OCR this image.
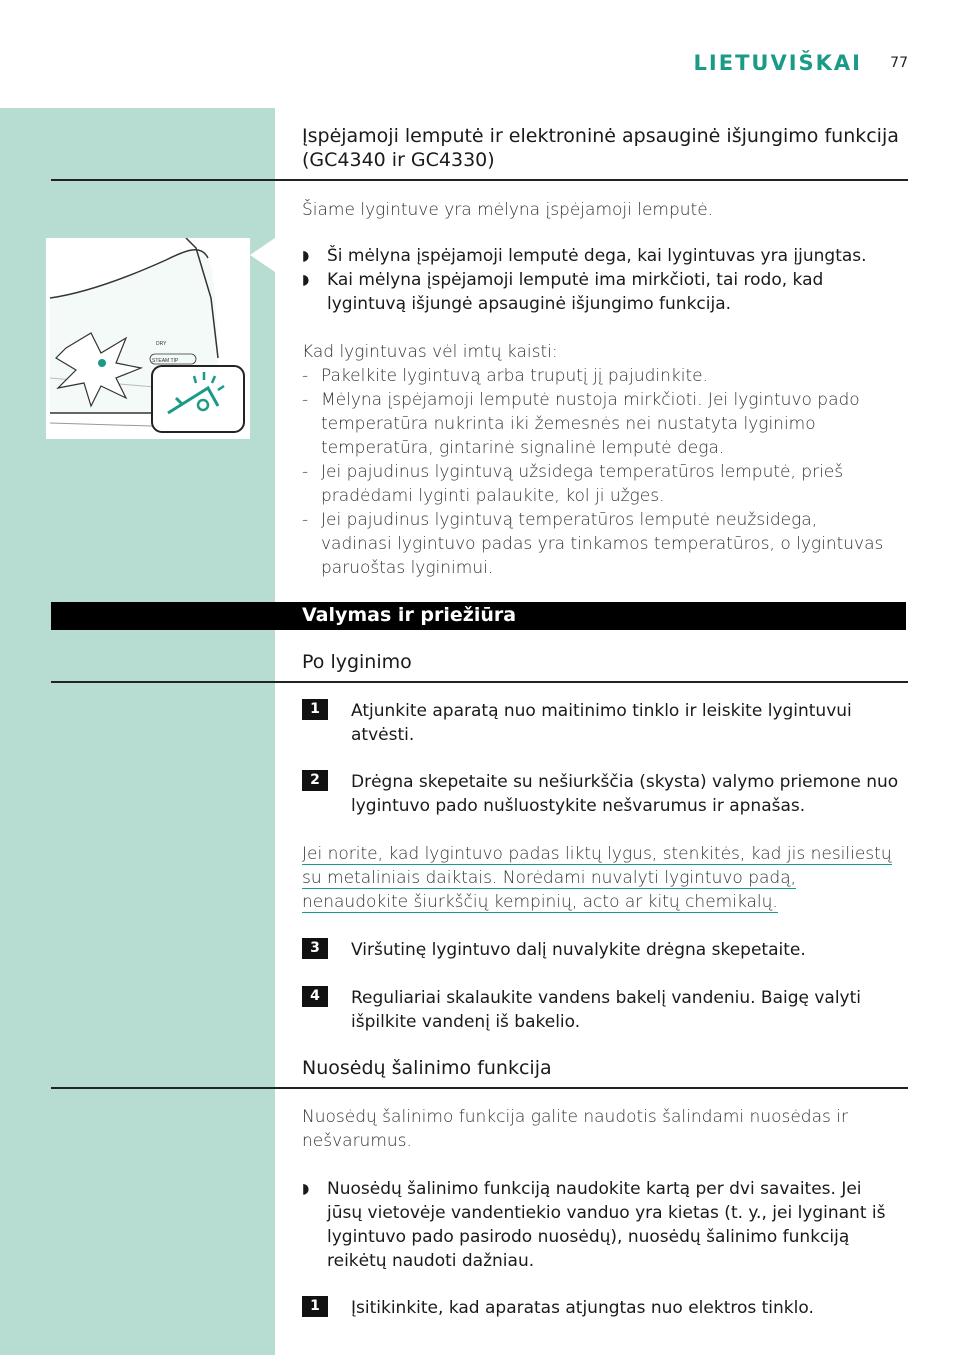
LIETUVIŠKAI 77
Įspėjamoji lemputė ir elektroninė apsauginė išjungimo funkcija
(GC4340 ir GC4330)
Šiame lygintuve yra mėlyna įspėjamoji lemputė.
STEAM TIP
DRY
◗	Ši mėlyna įspėjamoji lemputė dega, kai lygintuvas yra įjungtas.
◗	Kai mėlyna įspėjamoji lemputė ima mirkčioti, tai rodo, kad lygintuvą išjungė apsauginė išjungimo funkcija.
Kad lygintuvas vėl imtų kaisti:
- Pakelkite lygintuvą arba truputį jį pajudinkite.
- Mėlyna įspėjamoji lemputė nustoja mirkčioti. Jei lygintuvo pado temperatūra nukrinta iki žemesnės nei nustatyta lyginimo temperatūra, gintarinė signalinė lemputė dega.
- Jei pajudinus lygintuvą užsidega temperatūros lemputė, prieš pradėdami lyginti palaukite, kol ji užges.
- Jei pajudinus lygintuvą temperatūros lemputė neužsidega, vadinasi lygintuvo padas yra tinkamos temperatūros, o lygintuvas paruoštas lyginimui.
Valymas ir priežiūra
Po lyginimo
1	Atjunkite aparatą nuo maitinimo tinklo ir leiskite lygintuvui atvėsti.
2	Drėgna skepetaite su nešiurkščia (skysta) valymo priemone nuo lygintuvo pado nušluostykite nešvarumus ir apnašas.
Jei norite, kad lygintuvo padas liktų lygus, stenkitės, kad jis nesiliestų su metaliniais daiktais. Norėdami nuvalyti lygintuvo padą, nenaudokite šiurkščių kempinių, acto ar kitų chemikalų.
3	Viršutinę lygintuvo dalį nuvalykite drėgna skepetaite.
4	Reguliariai skalaukite vandens bakelį vandeniu. Baigę valyti išpilkite vandenį iš bakelio.
Nuosėdų šalinimo funkcija
Nuosėdų šalinimo funkcija galite naudotis šalindami nuosėdas ir nešvarumus.
◗	Nuosėdų šalinimo funkciją naudokite kartą per dvi savaites. Jei jūsų vietovėje vandentiekio vanduo yra kietas (t. y., jei lyginant iš lygintuvo pado pasirodo nuosėdų), nuosėdų šalinimo funkciją reikėtų naudoti dažniau.
1	Įsitikinkite, kad aparatas atjungtas nuo elektros tinklo.
